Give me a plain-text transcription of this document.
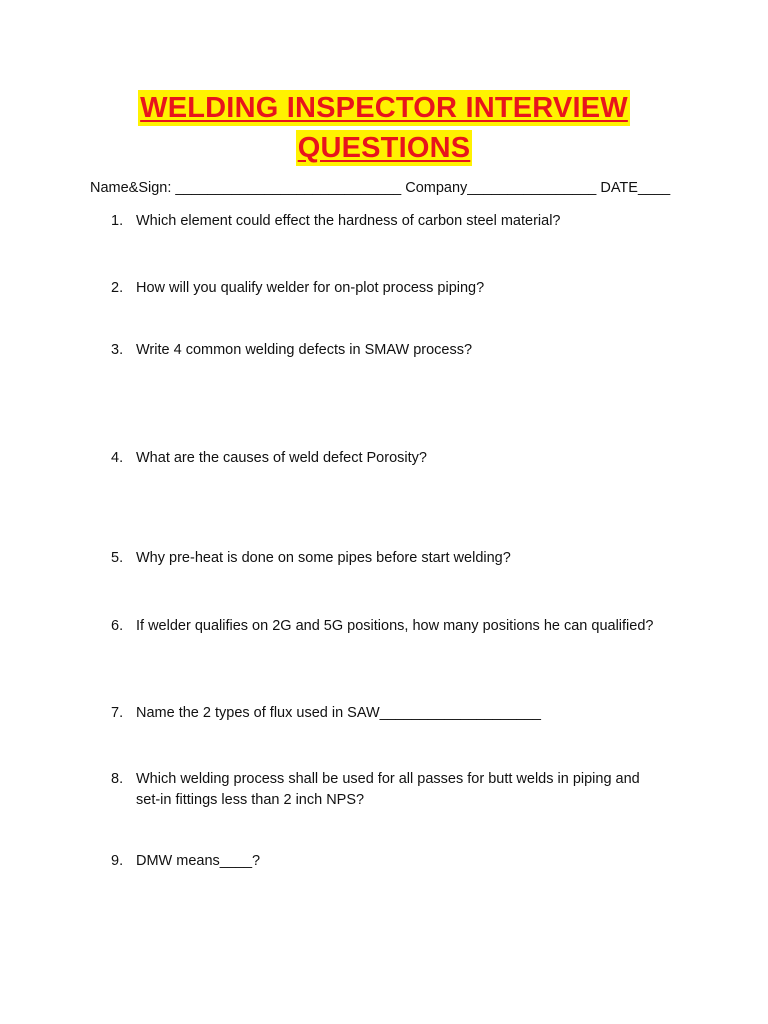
WELDING INSPECTOR INTERVIEW
QUESTIONS
Name&Sign: ____________________________ Company________________ DATE____
1. Which element could effect the hardness of carbon steel material?
2. How will you qualify welder for on-plot process piping?
3. Write 4 common welding defects in SMAW process?
4. What are the causes of weld defect Porosity?
5. Why pre-heat is done on some pipes before start welding?
6. If welder qualifies on 2G and 5G positions, how many positions he can qualified?
7. Name the 2 types of flux used in SAW____________________
8. Which welding process shall be used for all passes for butt welds in piping and
set-in fittings less than 2 inch NPS?
9. DMW means____?
